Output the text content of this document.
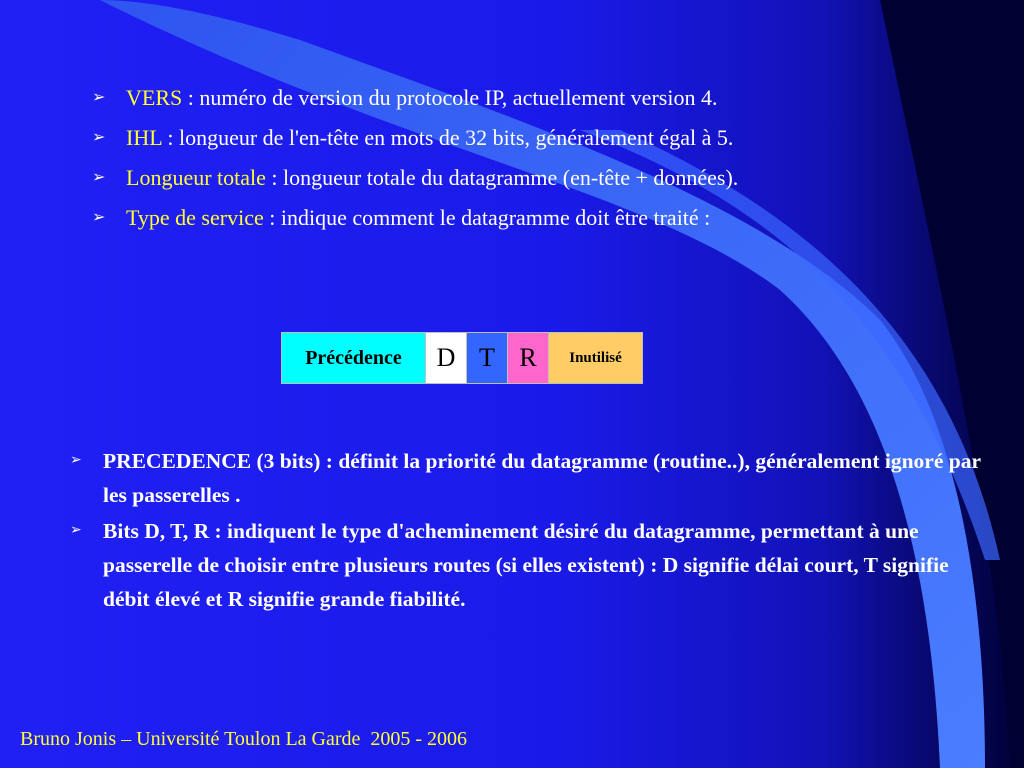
➢ VERS : numéro de version du protocole IP, actuellement version 4.
➢ IHL : longueur de l'en-tête en mots de 32 bits, généralement égal à 5.
➢ Longueur totale : longueur totale du datagramme (en-tête + données).
➢ Type de service : indique comment le datagramme doit être traité :
Précédence	D	T	R	Inutilisé
➢ PRECEDENCE (3 bits) : définit la priorité du datagramme (routine..), généralement ignoré par les passerelles .
➢ Bits D, T, R : indiquent le type d'acheminement désiré du datagramme, permettant à une passerelle de choisir entre plusieurs routes (si elles existent) : D signifie délai court, T signifie débit élevé et R signifie grande fiabilité.
Bruno Jonis – Université Toulon La Garde  2005 - 2006
